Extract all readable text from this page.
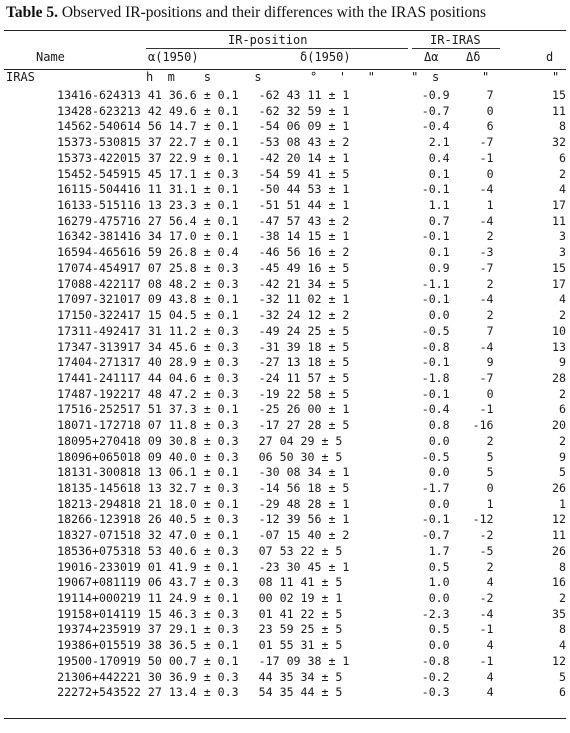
Table 5. Observed IR-positions and their differences with the IRAS positions
IR-position	IR-IRAS
Name	α(1950)	δ(1950)	Δα Δδ	d
IRAS	h  m    s      s	°   '   "     " s	"	"
13416-6243	13 41 36.6 ± 0.1	-62 43 11 ± 1	-0.9	7	15
13428-6232	13 42 49.6 ± 0.1	-62 32 59 ± 1	-0.7	0	11
14562-5406	14 56 14.7 ± 0.1	-54 06 09 ± 1	-0.4	6	8
15373-5308	15 37 22.7 ± 0.1	-53 08 43 ± 2	2.1	-7	32
15373-4220	15 37 22.9 ± 0.1	-42 20 14 ± 1	0.4	-1	6
15452-5459	15 45 17.1 ± 0.3	-54 59 41 ± 5	0.1	0	2
16115-5044	16 11 31.1 ± 0.1	-50 44 53 ± 1	-0.1	-4	4
16133-5151	16 13 23.3 ± 0.1	-51 51 44 ± 1	1.1	1	17
16279-4757	16 27 56.4 ± 0.1	-47 57 43 ± 2	0.7	-4	11
16342-3814	16 34 17.0 ± 0.1	-38 14 15 ± 1	-0.1	2	3
16594-4656	16 59 26.8 ± 0.4	-46 56 16 ± 2	0.1	-3	3
17074-4549	17 07 25.8 ± 0.3	-45 49 16 ± 5	0.9	-7	15
17088-4221	17 08 48.2 ± 0.3	-42 21 34 ± 5	-1.1	2	17
17097-3210	17 09 43.8 ± 0.1	-32 11 02 ± 1	-0.1	-4	4
17150-3224	17 15 04.5 ± 0.1	-32 24 12 ± 2	0.0	2	2
17311-4924	17 31 11.2 ± 0.3	-49 24 25 ± 5	-0.5	7	10
17347-3139	17 34 45.6 ± 0.3	-31 39 18 ± 5	-0.8	-4	13
17404-2713	17 40 28.9 ± 0.3	-27 13 18 ± 5	-0.1	9	9
17441-2411	17 44 04.6 ± 0.3	-24 11 57 ± 5	-1.8	-7	28
17487-1922	17 48 47.2 ± 0.3	-19 22 58 ± 5	-0.1	0	2
17516-2525	17 51 37.3 ± 0.1	-25 26 00 ± 1	-0.4	-1	6
18071-1727	18 07 11.8 ± 0.3	-17 27 28 ± 5	0.8	-16	20
18095+2704	18 09 30.8 ± 0.3	27 04 29 ± 5	0.0	2	2
18096+0650	18 09 40.0 ± 0.3	06 50 30 ± 5	-0.5	5	9
18131-3008	18 13 06.1 ± 0.1	-30 08 34 ± 1	0.0	5	5
18135-1456	18 13 32.7 ± 0.3	-14 56 18 ± 5	-1.7	0	26
18213-2948	18 21 18.0 ± 0.1	-29 48 28 ± 1	0.0	1	1
18266-1239	18 26 40.5 ± 0.3	-12 39 56 ± 1	-0.1	-12	12
18327-0715	18 32 47.0 ± 0.1	-07 15 40 ± 2	-0.7	-2	11
18536+0753	18 53 40.6 ± 0.3	07 53 22 ± 5	1.7	-5	26
19016-2330	19 01 41.9 ± 0.1	-23 30 45 ± 1	0.5	2	8
19067+0811	19 06 43.7 ± 0.3	08 11 41 ± 5	1.0	4	16
19114+0002	19 11 24.9 ± 0.1	00 02 19 ± 1	0.0	-2	2
19158+0141	19 15 46.3 ± 0.3	01 41 22 ± 5	-2.3	-4	35
19374+2359	19 37 29.1 ± 0.3	23 59 25 ± 5	0.5	-1	8
19386+0155	19 38 36.5 ± 0.1	01 55 31 ± 5	0.0	4	4
19500-1709	19 50 00.7 ± 0.1	-17 09 38 ± 1	-0.8	-1	12
21306+4422	21 30 36.9 ± 0.3	44 35 34 ± 5	-0.2	4	5
22272+5435	22 27 13.4 ± 0.3	54 35 44 ± 5	-0.3	4	6
